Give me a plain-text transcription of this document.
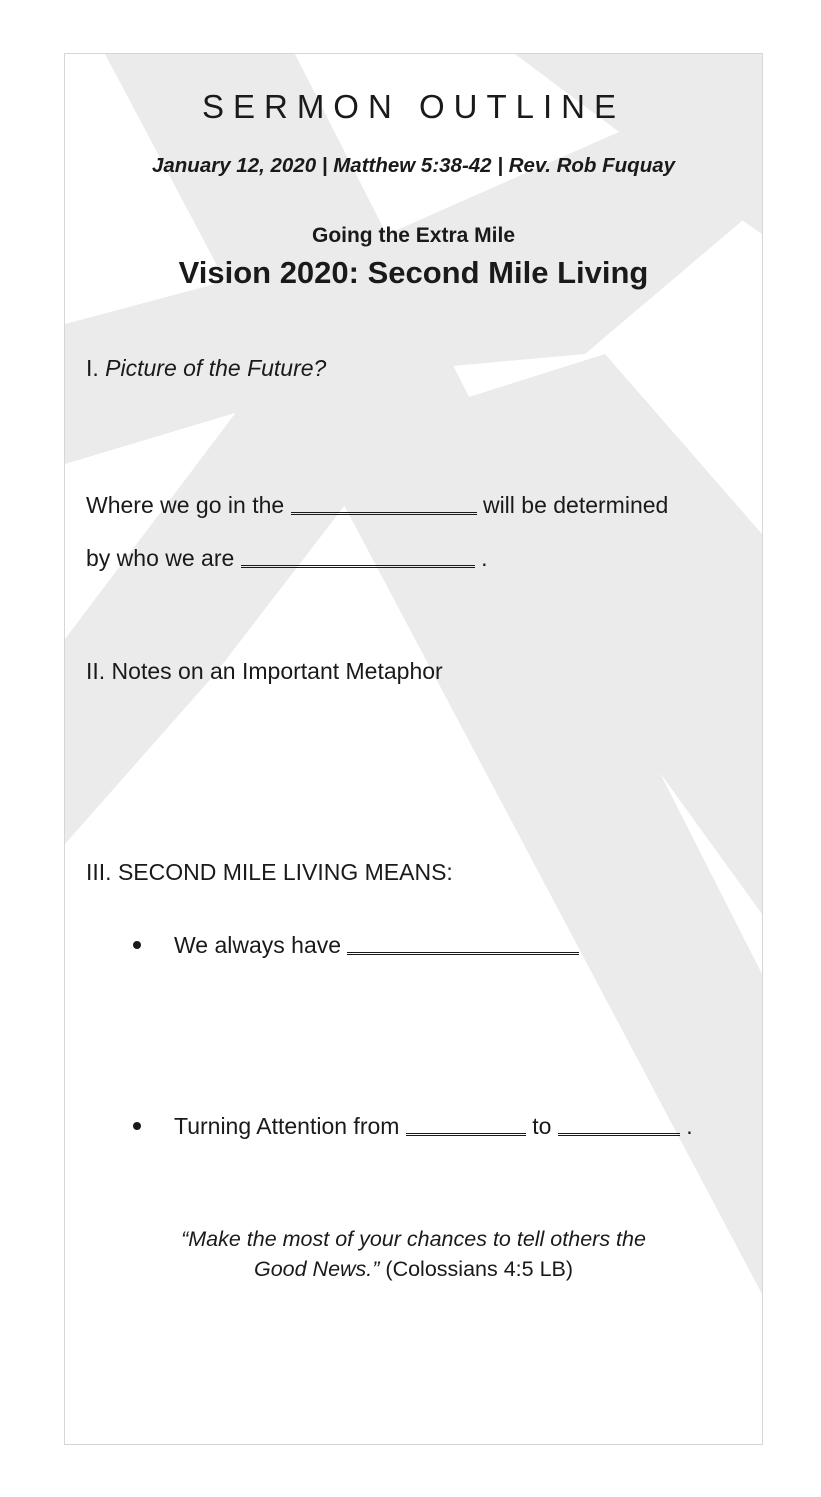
SERMON OUTLINE
January 12, 2020 | Matthew 5:38-42 | Rev. Rob Fuquay
Going the Extra Mile
Vision 2020: Second Mile Living
I. Picture of the Future?
Where we go in the	will be determined
by who we are	.
II. Notes on an Important Metaphor
III. SECOND MILE LIVING MEANS:
We always have
Turning Attention from	to	.
“Make the most of your chances to tell others the
Good News.” (Colossians 4:5 LB)
